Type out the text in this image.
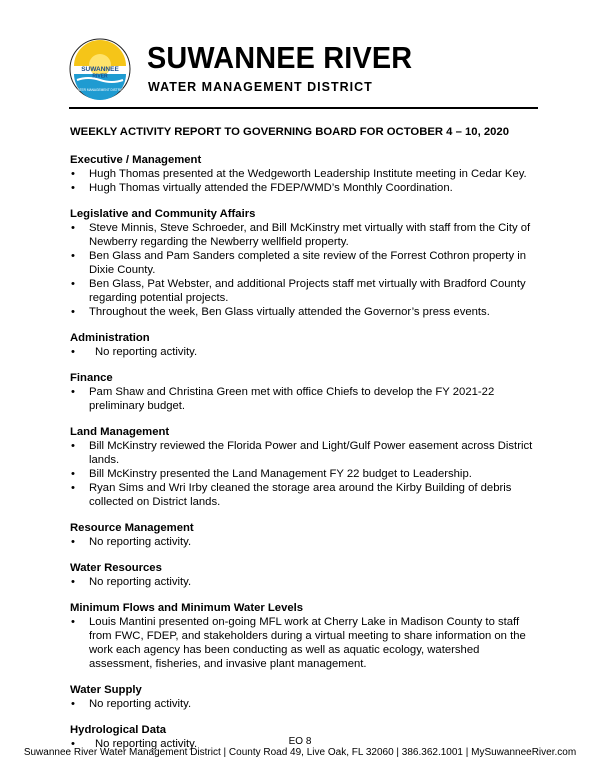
SUWANNEE
RIVER
WATER MANAGEMENT DISTRICT
SUWANNEE RIVER
WATER MANAGEMENT DISTRICT
WEEKLY ACTIVITY REPORT TO GOVERNING BOARD FOR OCTOBER 4 – 10, 2020
Executive / Management
• Hugh Thomas presented at the Wedgeworth Leadership Institute meeting in Cedar Key.
• Hugh Thomas virtually attended the FDEP/WMD’s Monthly Coordination.
Legislative and Community Affairs
• Steve Minnis, Steve Schroeder, and Bill McKinstry met virtually with staff from the City of Newberry regarding the Newberry wellfield property.
• Ben Glass and Pam Sanders completed a site review of the Forrest Cothron property in Dixie County.
• Ben Glass, Pat Webster, and additional Projects staff met virtually with Bradford County regarding potential projects.
• Throughout the week, Ben Glass virtually attended the Governor’s press events.
Administration
• No reporting activity.
Finance
• Pam Shaw and Christina Green met with office Chiefs to develop the FY 2021-22 preliminary budget.
Land Management
• Bill McKinstry reviewed the Florida Power and Light/Gulf Power easement across District lands.
• Bill McKinstry presented the Land Management FY 22 budget to Leadership.
• Ryan Sims and Wri Irby cleaned the storage area around the Kirby Building of debris collected on District lands.
Resource Management
• No reporting activity.
Water Resources
• No reporting activity.
Minimum Flows and Minimum Water Levels
• Louis Mantini presented on-going MFL work at Cherry Lake in Madison County to staff from FWC, FDEP, and stakeholders during a virtual meeting to share information on the work each agency has been conducting as well as aquatic ecology, watershed assessment, fisheries, and invasive plant management.
Water Supply
• No reporting activity.
Hydrological Data
• No reporting activity.	EO 8
Suwannee River Water Management District | County Road 49, Live Oak, FL 32060 | 386.362.1001 | MySuwanneeRiver.com
